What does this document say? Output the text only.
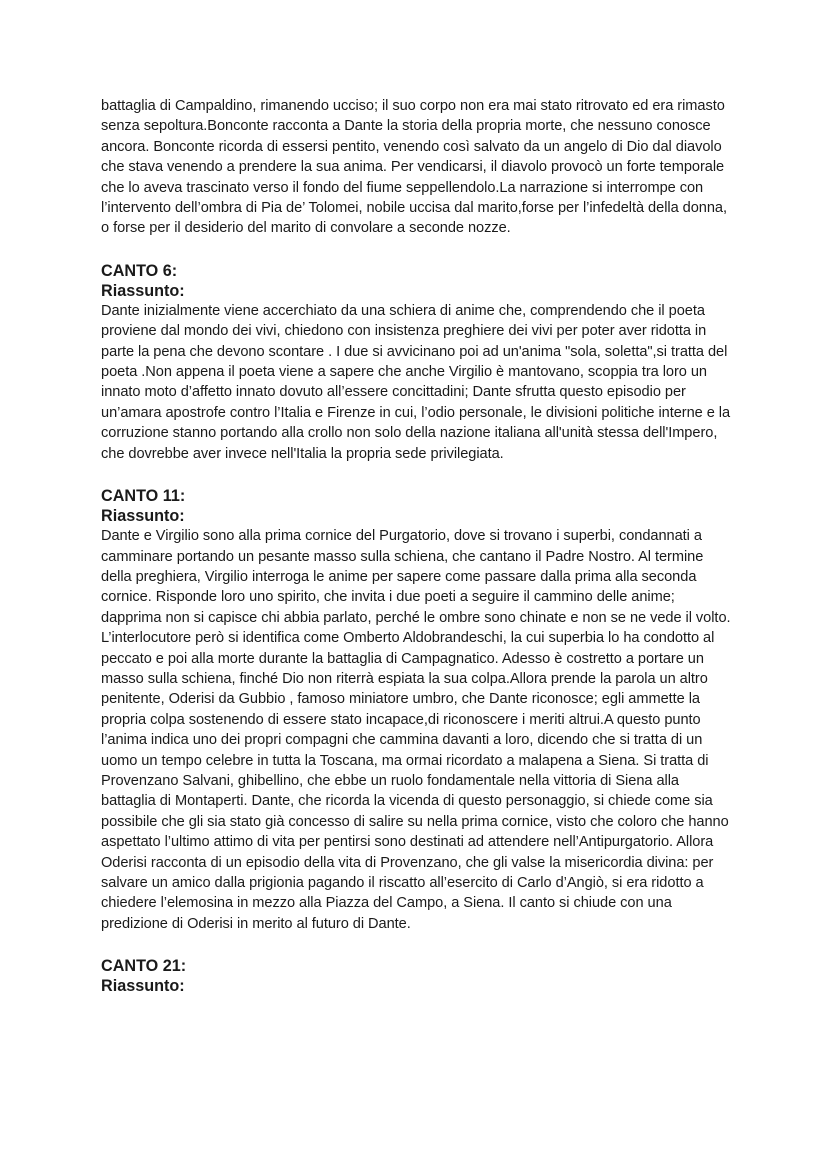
battaglia di Campaldino, rimanendo ucciso; il suo corpo non era mai stato ritrovato ed era rimasto senza sepoltura.Bonconte racconta a Dante la storia della propria morte, che nessuno conosce ancora. Bonconte ricorda di essersi pentito, venendo così salvato da un angelo di Dio dal diavolo che stava venendo a prendere la sua anima. Per vendicarsi, il diavolo provocò un forte temporale che lo aveva trascinato verso il fondo del fiume seppellendolo.La narrazione si interrompe con l’intervento dell’ombra di Pia de’ Tolomei, nobile uccisa dal marito,forse per l’infedeltà della donna, o forse per il desiderio del marito di convolare a seconde nozze.

CANTO 6:

Riassunto:

Dante inizialmente viene accerchiato da una schiera di anime che, comprendendo che il poeta proviene dal mondo dei vivi, chiedono con insistenza preghiere dei vivi per poter aver ridotta in parte la pena che devono scontare . I due si avvicinano poi ad un'anima "sola, soletta",si tratta del poeta .Non appena il poeta viene a sapere che anche Virgilio è mantovano, scoppia tra loro un innato moto d’affetto innato dovuto all’essere concittadini; Dante sfrutta questo episodio per un’amara apostrofe contro l’Italia e Firenze in cui, l’odio personale, le divisioni politiche interne e la corruzione stanno portando alla crollo non solo della nazione italiana all'unità stessa dell'Impero, che dovrebbe aver invece nell'Italia la propria sede privilegiata.

CANTO 11:

Riassunto:

Dante e Virgilio sono alla prima cornice del Purgatorio, dove si trovano i superbi, condannati a camminare portando un pesante masso sulla schiena, che cantano il Padre Nostro. Al termine della preghiera, Virgilio interroga le anime per sapere come passare dalla prima alla seconda cornice. Risponde loro uno spirito, che invita i due poeti a seguire il cammino delle anime; dapprima non si capisce chi abbia parlato, perché le ombre sono chinate e non se ne vede il volto. L’interlocutore però si identifica come Omberto Aldobrandeschi, la cui superbia lo ha condotto al peccato e poi alla morte durante la battaglia di Campagnatico. Adesso è costretto a portare un masso sulla schiena, finché Dio non riterrà espiata la sua colpa.Allora prende la parola un altro penitente, Oderisi da Gubbio , famoso miniatore umbro, che Dante riconosce; egli ammette la propria colpa sostenendo di essere stato incapace,di riconoscere i meriti altrui.A questo punto l’anima indica uno dei propri compagni che cammina davanti a loro, dicendo che si tratta di un uomo un tempo celebre in tutta la Toscana, ma ormai ricordato a malapena a Siena. Si tratta di Provenzano Salvani, ghibellino, che ebbe un ruolo fondamentale nella vittoria di Siena alla battaglia di Montaperti. Dante, che ricorda la vicenda di questo personaggio, si chiede come sia possibile che gli sia stato già concesso di salire su nella prima cornice, visto che coloro che hanno aspettato l’ultimo attimo di vita per pentirsi sono destinati ad attendere nell’Antipurgatorio. Allora Oderisi racconta di un episodio della vita di Provenzano, che gli valse la misericordia divina: per salvare un amico dalla prigionia pagando il riscatto all’esercito di Carlo d’Angiò, si era ridotto a chiedere l’elemosina in mezzo alla Piazza del Campo, a Siena. Il canto si chiude con una predizione di Oderisi in merito al futuro di Dante.

CANTO 21:

Riassunto:
